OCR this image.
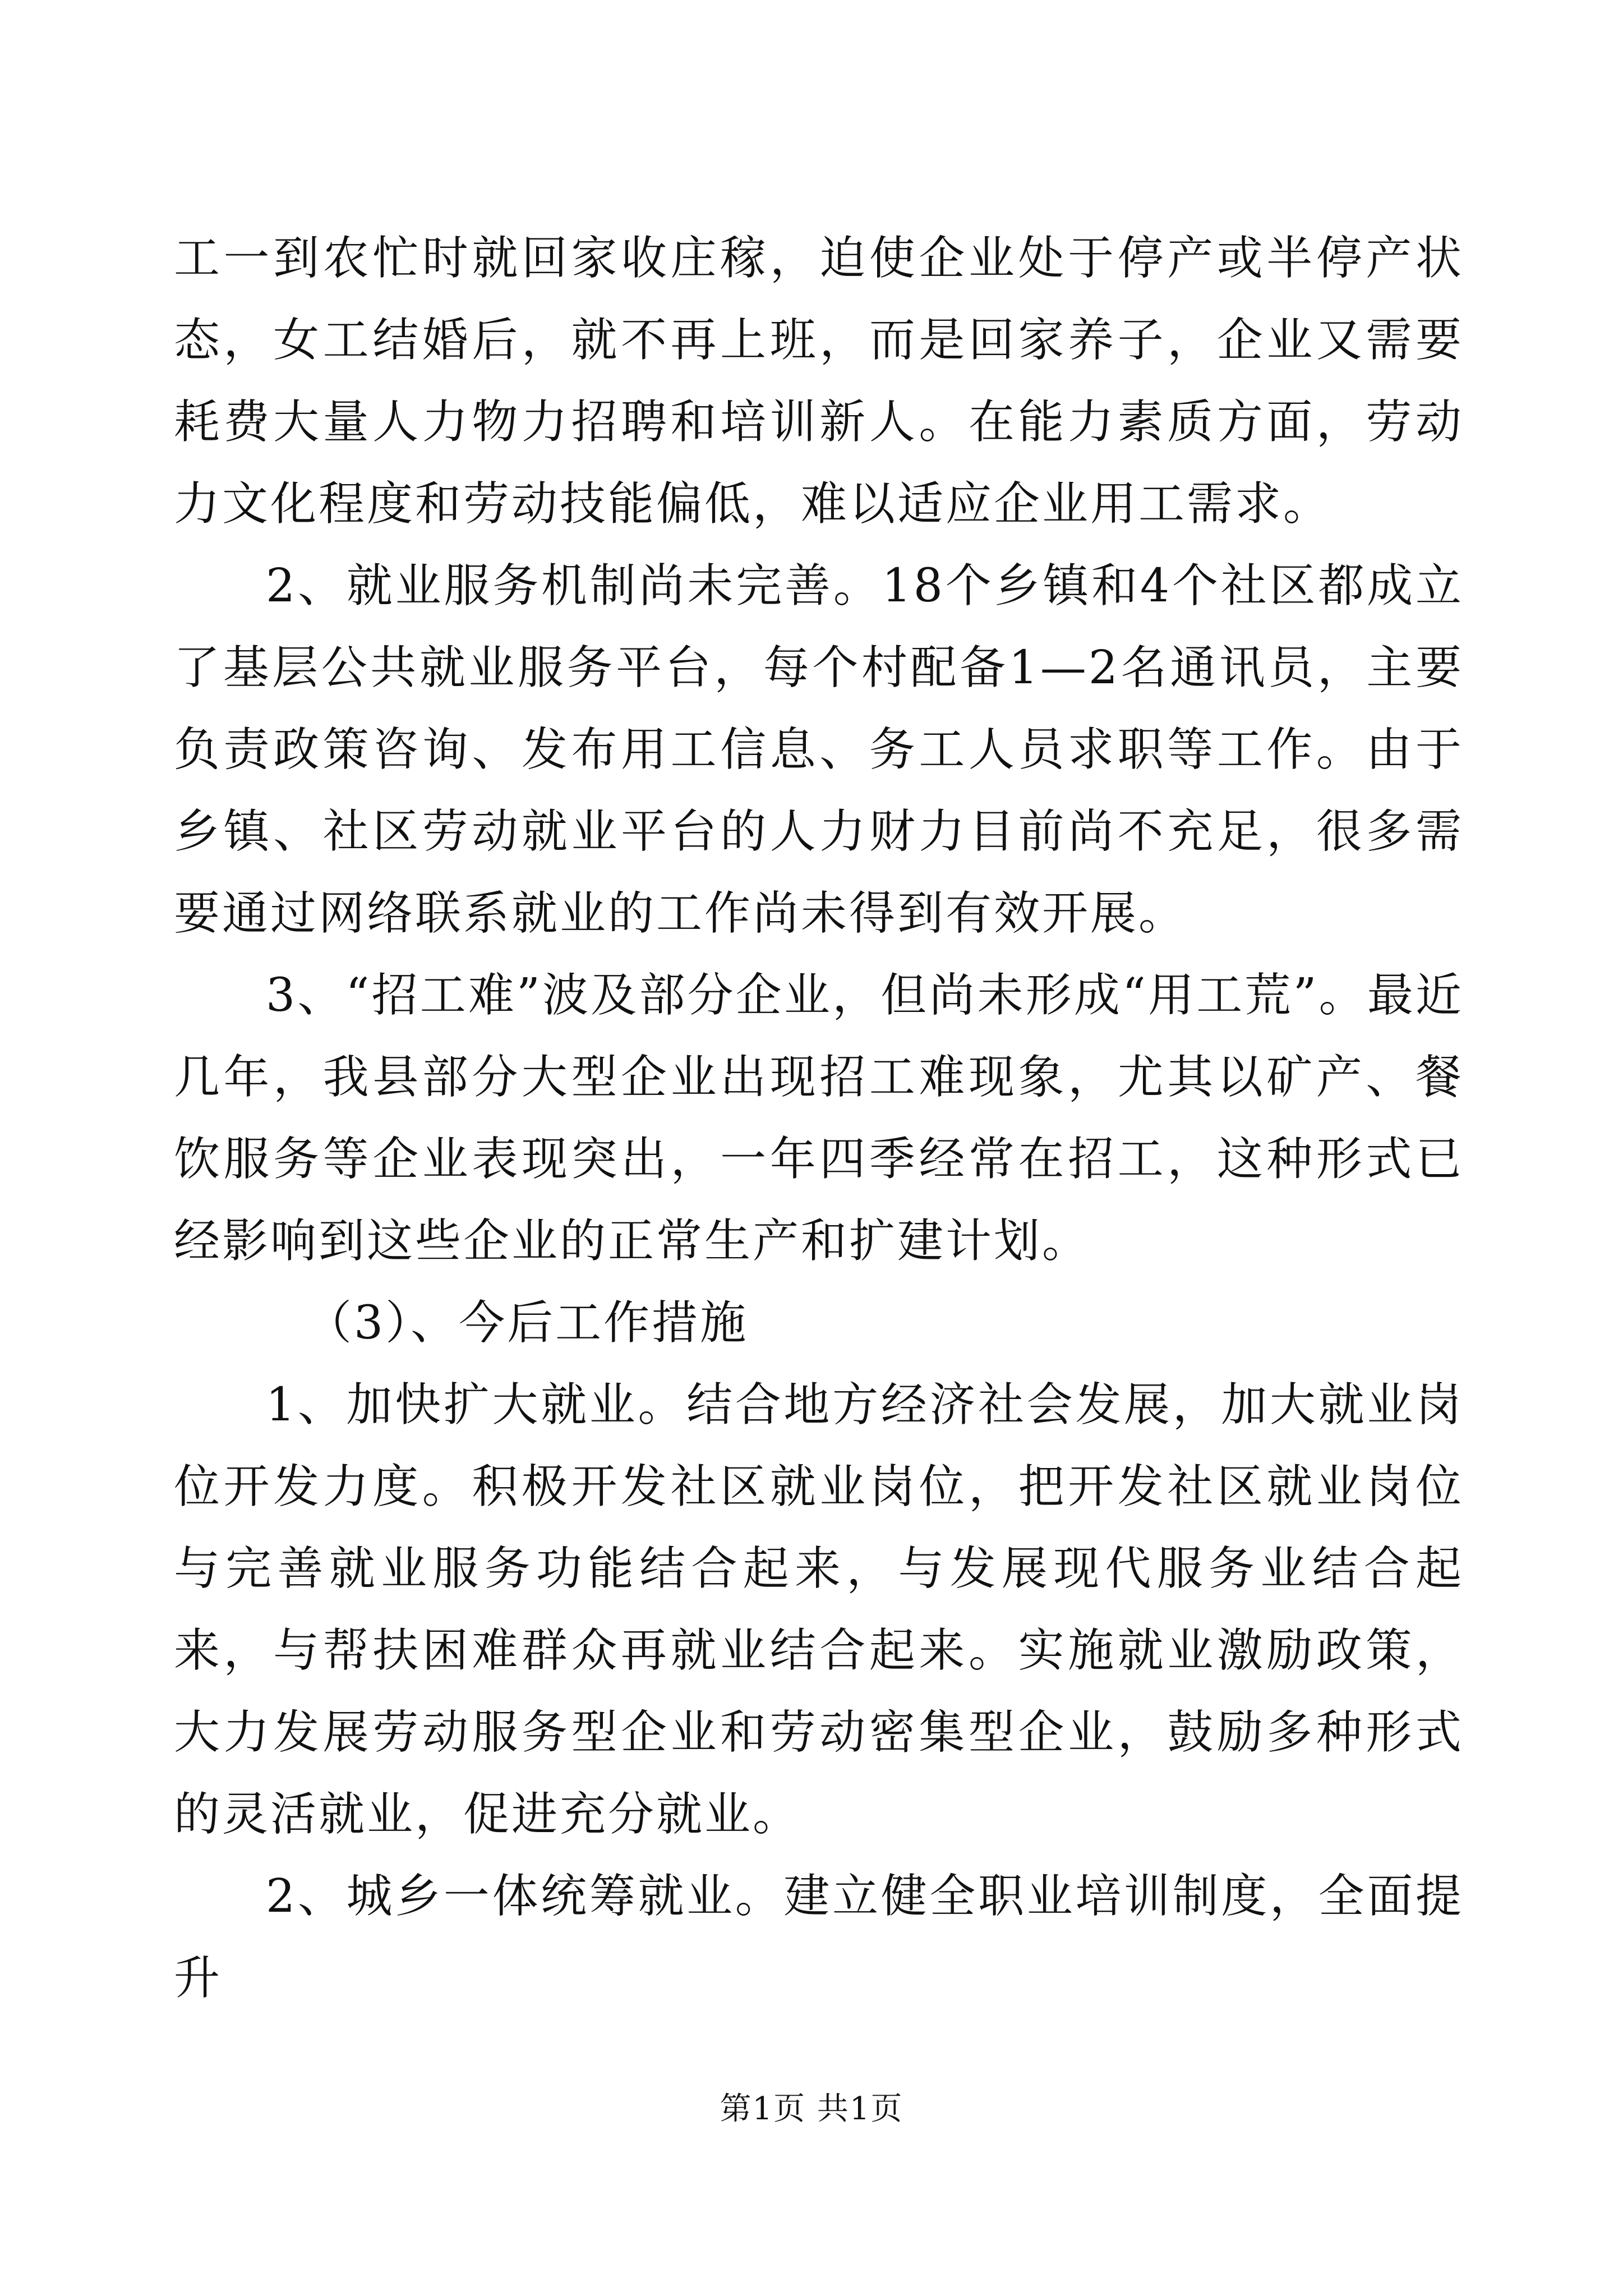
工一到农忙时就回家收庄稼，迫使企业处于停产或半停产状态，女工结婚后，就不再上班，而是回家养子，企业又需要耗费大量人力物力招聘和培训新人。在能力素质方面，劳动力文化程度和劳动技能偏低，难以适应企业用工需求。

2、就业服务机制尚未完善。18个乡镇和4个社区都成立了基层公共就业服务平台，每个村配备1—2名通讯员，主要负责政策咨询、发布用工信息、务工人员求职等工作。由于乡镇、社区劳动就业平台的人力财力目前尚不充足，很多需要通过网络联系就业的工作尚未得到有效开展。

3、“招工难”波及部分企业，但尚未形成“用工荒”。最近几年，我县部分大型企业出现招工难现象，尤其以矿产、餐饮服务等企业表现突出，一年四季经常在招工，这种形式已经影响到这些企业的正常生产和扩建计划。

（3）、今后工作措施

1、加快扩大就业。结合地方经济社会发展，加大就业岗位开发力度。积极开发社区就业岗位，把开发社区就业岗位与完善就业服务功能结合起来，与发展现代服务业结合起来，与帮扶困难群众再就业结合起来。实施就业激励政策，大力发展劳动服务型企业和劳动密集型企业，鼓励多种形式的灵活就业，促进充分就业。

2、城乡一体统筹就业。建立健全职业培训制度，全面提升

第1页 共1页
